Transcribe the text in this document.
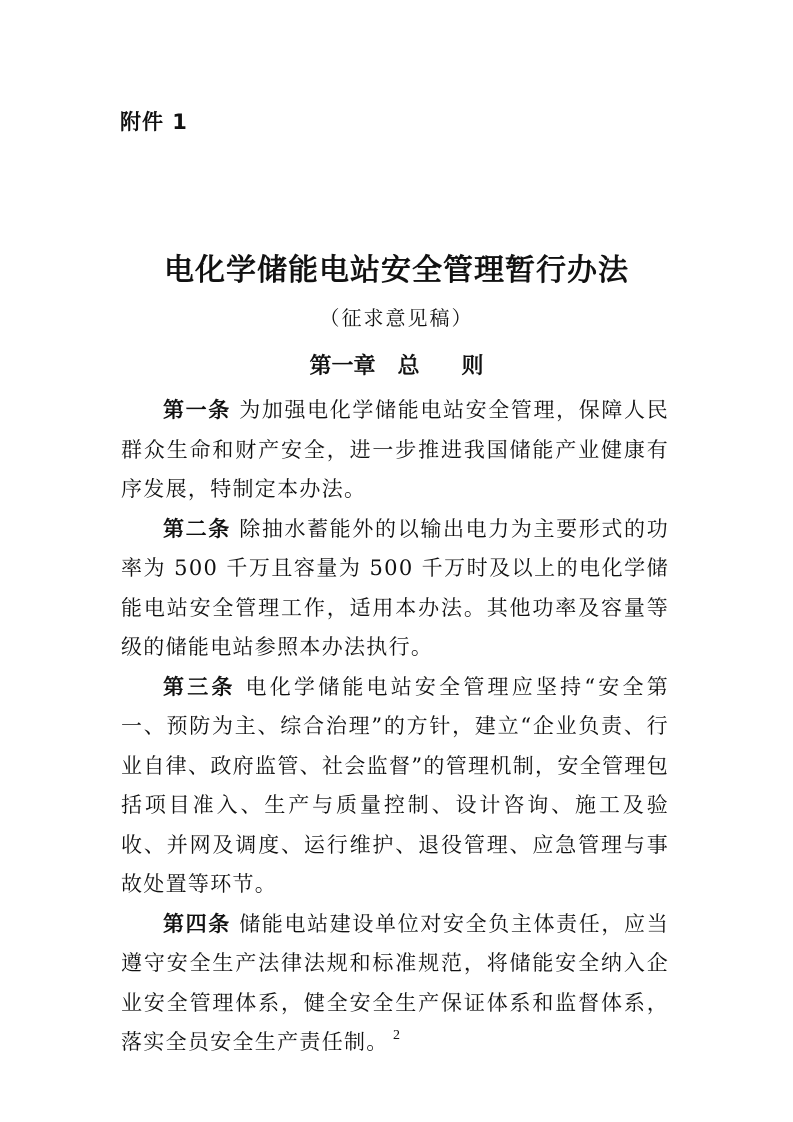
附件 1
电化学储能电站安全管理暂行办法
（征求意见稿）
第一章 总 则

第一条 为加强电化学储能电站安全管理，保障人民群众生命和财产安全，进一步推进我国储能产业健康有序发展，特制定本办法。

第二条 除抽水蓄能外的以输出电力为主要形式的功率为 500 千万且容量为 500 千万时及以上的电化学储能电站安全管理工作，适用本办法。其他功率及容量等级的储能电站参照本办法执行。

第三条 电化学储能电站安全管理应坚持“安全第一、预防为主、综合治理”的方针，建立“企业负责、行业自律、政府监管、社会监督”的管理机制，安全管理包括项目准入、生产与质量控制、设计咨询、施工及验收、并网及调度、运行维护、退役管理、应急管理与事故处置等环节。

第四条 储能电站建设单位对安全负主体责任，应当遵守安全生产法律法规和标准规范，将储能安全纳入企业安全管理体系，健全安全生产保证体系和监督体系，落实全员安全生产责任制。 2
